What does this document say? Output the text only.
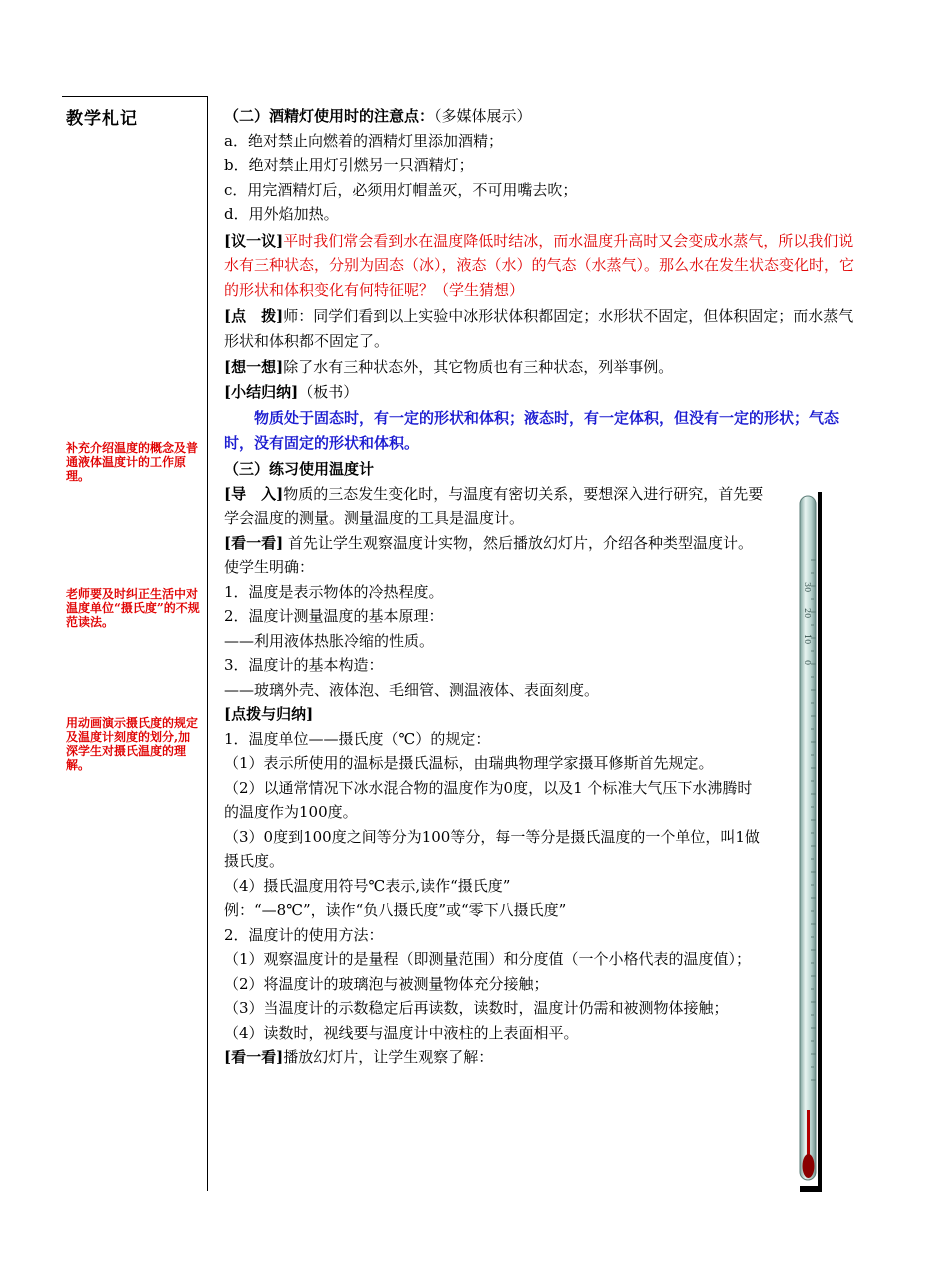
教学札记
补充介绍温度的概念及普通液体温度计的工作原理。
老师要及时纠正生活中对温度单位“摄氏度”的不规范读法。
用动画演示摄氏度的规定及温度计刻度的划分,加深学生对摄氏温度的理解。

（二）酒精灯使用时的注意点：（多媒体展示）

a．绝对禁止向燃着的酒精灯里添加酒精；

b．绝对禁止用灯引燃另一只酒精灯；

c．用完酒精灯后，必须用灯帽盖灭，不可用嘴去吹；

d．用外焰加热。

[议一议]平时我们常会看到水在温度降低时结冰，而水温度升高时又会变成水蒸气，所以我们说水有三种状态，分别为固态（冰），液态（水）的气态（水蒸气）。那么水在发生状态变化时，它的形状和体积变化有何特征呢？（学生猜想）

[点　拨]师：同学们看到以上实验中冰形状体积都固定；水形状不固定，但体积固定；而水蒸气形状和体积都不固定了。

[想一想]除了水有三种状态外，其它物质也有三种状态，列举事例。

[小结归纳]（板书）

物质处于固态时，有一定的形状和体积；液态时，有一定体积，但没有一定的形状；气态时，没有固定的形状和体积。

（三）练习使用温度计

[导　入]物质的三态发生变化时，与温度有密切关系，要想深入进行研究，首先要

学会温度的测量。测量温度的工具是温度计。

[看一看] 首先让学生观察温度计实物，然后播放幻灯片，介绍各种类型温度计。

使学生明确：

1．温度是表示物体的冷热程度。

2．温度计测量温度的基本原理：

——利用液体热胀冷缩的性质。

3．温度计的基本构造：

——玻璃外壳、液体泡、毛细管、测温液体、表面刻度。

[点拨与归纳]

1．温度单位——摄氏度（℃）的规定：

（1）表示所使用的温标是摄氏温标，由瑞典物理学家摄耳修斯首先规定。

（2）以通常情况下冰水混合物的温度作为0度，以及1 个标准大气压下水沸腾时

的温度作为100度。

（3）0度到100度之间等分为100等分，每一等分是摄氏温度的一个单位，叫1做

摄氏度。

（4）摄氏温度用符号℃表示,读作“摄氏度”

例：“—8℃”，读作“负八摄氏度”或“零下八摄氏度”

2．温度计的使用方法：

（1）观察温度计的是量程（即测量范围）和分度值（一个小格代表的温度值）；

（2）将温度计的玻璃泡与被测量物体充分接触；

（3）当温度计的示数稳定后再读数，读数时，温度计仍需和被测物体接触；

（4）读数时，视线要与温度计中液柱的上表面相平。

[看一看]播放幻灯片，让学生观察了解：

30
20
10
0
